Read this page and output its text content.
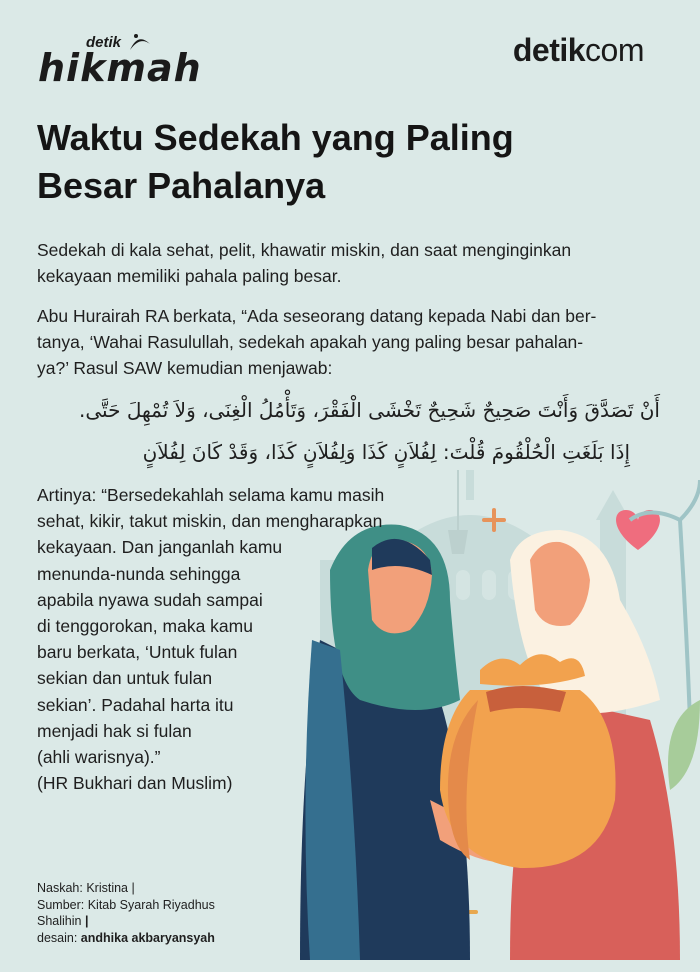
detik
hikmah	detikcom
Waktu Sedekah yang Paling
Besar Pahalanya

Sedekah di kala sehat, pelit, khawatir miskin, dan saat menginginkan
kekayaan memiliki pahala paling besar.

Abu Hurairah RA berkata, “Ada seseorang datang kepada Nabi dan ber-
tanya, ‘Wahai Rasulullah, sedekah apakah yang paling besar pahalan-
ya?’ Rasul SAW kemudian menjawab:

أَنْ تَصَدَّقَ وَأَنْتَ صَحِيحٌ شَحِيحٌ تَخْشَى الْفَقْرَ، وَتَأْمُلُ الْغِنَى، وَلاَ تُمْهِلَ حَتَّى.
إِذَا بَلَغَتِ الْحُلْقُومَ قُلْتَ: لِفُلاَنٍ كَذَا وَلِفُلاَنٍ كَذَا، وَقَدْ كَانَ لِفُلاَنٍ

Artinya: “Bersedekahlah selama kamu masih
sehat, kikir, takut miskin, dan mengharapkan
kekayaan. Dan janganlah kamu
menunda-nunda sehingga
apabila nyawa sudah sampai
di tenggorokan, maka kamu
baru berkata, ‘Untuk fulan
sekian dan untuk fulan
sekian’. Padahal harta itu
menjadi hak si fulan
(ahli warisnya).”
(HR Bukhari dan Muslim)

Naskah: Kristina |
Sumber: Kitab Syarah Riyadhus
Shalihin |
desain: andhika akbaryansyah
